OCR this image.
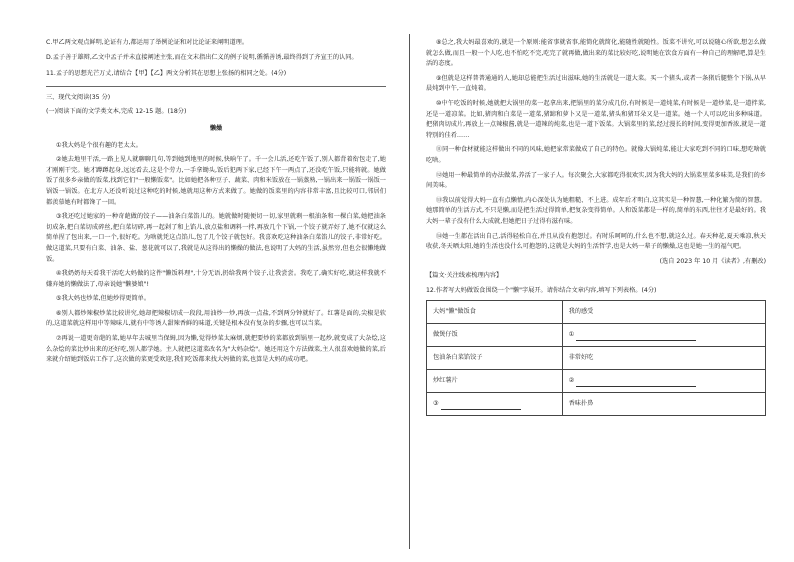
C.甲乙两文观点鲜明,论证有力,都运用了举例论证和对比论证来阐明道理。

D.孟子善于雄辩,乙文中孟子并未直接阐述主张,而在文末指出仁义的例子说明,循循善诱,最终得到了齐宣王的认同。

11.孟子的思想光芒万丈,请结合【甲】【乙】两文分析其在思想上张扬的相同之处。(4分)

三、现代文阅读(35 分)

(一)阅读下面的文学类文本,完成 12-15 题。(18分)

懒燥

①我大妈是个很有趣的老太太。

②她去地里干活,一路上见人就聊聊几句,等到她到地里的时候,快晌午了。千一会儿活,还吃午饭了,别人都背着衔包走了,她才刚刚干完。她才蹲蹲起身,远远看去,这是个劳力,一手拿锄头,饭后犯两下家,已经下午一两点了,还没吃午饭,只能将就。她做饭了很多乡亲做的饭菜,找到它们"一般懒饭菜"。比如她把各种豆子、蔬菜、肉和米饭放在一锅蒸熟,一锅出来一锅饭一锅饭一锅饭一锅饭。在北方人还没听说过这种吃的时候,她就用这种方式来做了。她做的饭菜里的内容非常丰富,且比较可口,邻居们都羡慕她有时都馋了一回。

③我还吃过她家的一种奇葩做的饺子——油条白菜馅儿的。她就做时随便切一切,家里就剩一根油条和一棵白菜,她把油条切成条,把白菜切成碎丝,把白菜切碎,再一起剁了和上馅儿,放点盐和调料一拌,再放几个下锅,一个饺子就弄好了,她不仅就这么简单捏了包出来,一口一个,很好吃。为啥就凭这点馅儿,包了几个饺子就包好。我喜欢吃这种油条白菜馅儿的饺子,非常好吃。做这道菜,只要有白菜、油条、盐、葱花就可以了,我就是从这得出的懒燥的做法,也说明了大妈的生活,虽然穷,但也会很懒地做饭。

④我奶奶每天看我干活吃大妈做的这件"懒饭料理",十分无语,扔给我两个饺子,让我尝尝。我吃了,确实好吃,就这样我就不嫌弃她的懒做法了,母亲说她"懒婆娘"!

⑤我大妈也炒菜,但她炒得更简单。

⑥别人都炒辣椒炒菜比较讲究,她却把辣椒切成一段段,用油炒一炒,再放一点盐,不到两分钟就好了。红薯是面的,尖椒是软的,这道菜就这样用中等辣味儿,就有中等诱人甜辣香鲜的味道,关键是根本没有复杂的步骤,也可以当菜。

⑦再说一道更奇葩的菜,她早年去城里当保姆,因为懒,觉得炒菜太麻烦,就把要炒的菜都放到锅里一起炒,就变成了大杂烩,这么杂烩的菜比炒出来的还好吃,别人都学她。主人就把这道菜改名为"大妈杂烩"。她还用这个方法做菜,主人很喜欢她做的菜,后来就介绍她到饭店工作了,这次做的菜更受欢迎,我们吃饭都来找大妈做的菜,也算是大妈的成功吧。

⑧总之,我大妈最喜欢的,就是一个原则:能省事就省事,能简化就简化,能随性就随性。饭菜不讲究,可以说随心所欲,想怎么做就怎么做,而且一般一个人吃,也不怕吃不完,吃完了就再做,做出来的菜比较好吃,说明她在饮食方面有一种自己的理解吧,算是生活的态度。

⑨但就是这样普普通通的人,她却总能把生活过出滋味,她的生活就是一道大菜。买一个猪头,或者一条猪后腿整个下锅,从早晨炖到中午,一直炖着。

⑩中午吃饭的时候,她就把大锅里的菜一起拿出来,把锅里的菜分成几份,有时候是一道炖菜,有时候是一道炒菜,是一道拌菜,还是一道凉菜。比如,猪肉和白菜是一道菜,猪蹄和萝卜又是一道菜,猪头和猪耳朵又是一道菜。她一个人可以吃出多种味道。把猪肉切成片,再放上一点辣椒酱,就是一道辣的炖菜,也是一道下饭菜。大锅菜里的菜,经过漫长的时间,变得更加香浓,就是一道特别的佳肴……

⑪同一种食材就能这样做出不同的风味,她把家常菜做成了自己的特色。就像大锅炖菜,能让大家吃到不同的口味,想吃啥就吃啥。

⑫她用一种最简单的办法做菜,养活了一家子人。每次聚会,大家都吃得很欢实,因为我大妈的大锅菜里菜多味美,是我们的乡间美味。

⑬我以前觉得大妈一直有点懒惰,内心深处认为她粗糙、不上进。成年后才明白,这其实是一种智慧,一种化繁为简的智慧。她那简单的生活方式,不只是懒,而是把生活过得简单,把复杂变得简单。人和饭菜都是一样的,简单的东西,往往才是最好的。我大妈一辈子没有什么大成就,但她把日子过得有滋有味。

⑭她一生都在活出自己,活得轻松自在,并且从没有抱怨过。有时乐呵呵的,什么也不想,就这么过。春天种花,夏天乘凉,秋天收获,冬天晒太阳,她的生活也没什么可抱怨的,这就是大妈的生活哲学,也是大妈一辈子的懒燥,这也是她一生的福气吧。

(选自 2023 年 10 月《读者》,有删改)

【篇文·关注线索梳理内容】

12.作者写大妈做饭食围绕一个"懒"字展开。请你结合文章内容,填写下列表格。(4分)

大妈"懒"做饭食	我的感受
做煲仔饭	①
包油条白菜馅饺子	非常好吃
炒红薯片	②
③	香味扑鼻
